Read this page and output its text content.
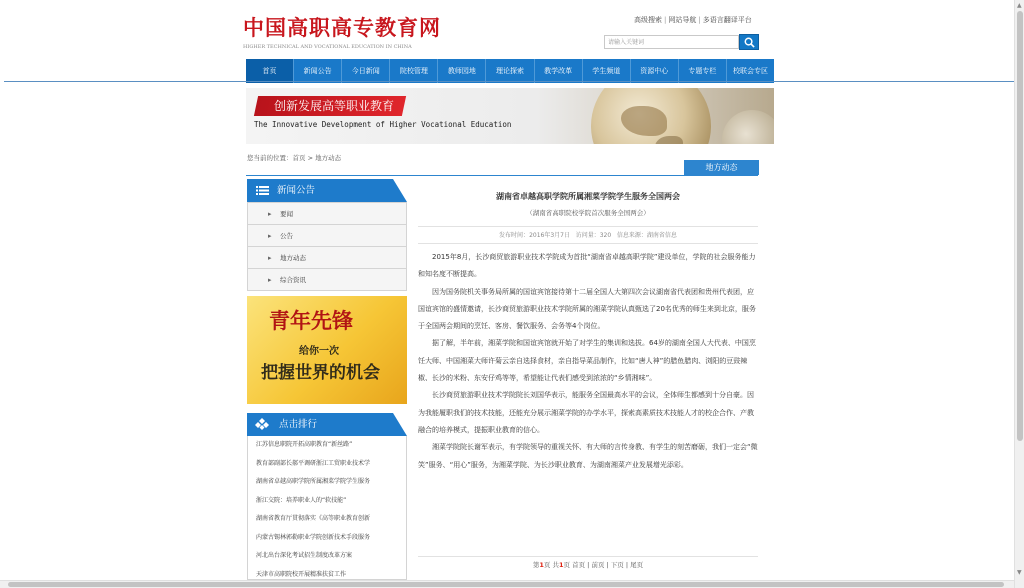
中国高职高专教育网
HIGHER TECHNICAL AND VOCATIONAL EDUCATION IN CHINA
高级搜索 | 网站导航 | 多语言翻译平台
请输入关键词
首页	新闻公告	今日新闻	院校管理	教师园地	理论探索	教学改革	学生频道	资源中心	专题专栏	校联会专区
创新发展高等职业教育
The Innovative Development of Higher Vocational Education
您当前的位置：首页 > 地方动态
地方动态
新闻公告
▸ 要闻
▸ 公告
▸ 地方动态
▸ 综合资讯
青年先锋
给你一次
把握世界的机会
点击排行
江苏信息职院开拓高职教育“新丝路”
教育部副部长郝平调研浙江工贸职业技术学
湖南省卓越高职学院所属湘菜学院学生服务
浙江交院：培养职业人的“软技能”
湖南省教育厅贯彻落实《高等职业教育创新
内蒙古锡林郭勒职业学院创新技术手段服务
河北出台深化考试招生制度改革方案
天津市高职院校开展精准扶贫工作
湖南省卓越高职学院所属湘菜学院学生服务全国两会
（湖南省高职院校学院首次服务全国两会）
发布时间：2016年3月7日 访问量：320 信息来源：湖南省信息

2015年8月，长沙商贸旅游职业技术学院成为首批“湖南省卓越高职学院”建设单位，学院的社会服务能力和知名度不断提高。

因为国务院机关事务局所属的国谊宾馆接待第十二届全国人大第四次会议湖南省代表团和贵州代表团，应国谊宾馆的盛情邀请，长沙商贸旅游职业技术学院所属的湘菜学院认真甄选了20名优秀的师生来到北京，服务于全国两会期间的烹饪、客房、餐饮服务、会务等4个岗位。

据了解，半年前，湘菜学院和国谊宾馆就开始了对学生的集训和选拔。64岁的湖南全国人大代表、中国烹饪大师、中国湘菜大师许菊云亲自选择食材，亲自指导菜品制作，比如“唐人神”的腊鱼腊肉、浏阳的豆豉辣椒、长沙的米粉、东安仔鸡等等，希望能让代表们感受到浓浓的“乡情湘味”。

长沙商贸旅游职业技术学院院长刘国华表示，能服务全国最高水平的会议，全体师生都感到十分自豪。因为我能履职我们的技术技能，还能充分展示湘菜学院的办学水平，探索高素质技术技能人才的校企合作、产教融合的培养模式，提振职业教育的信心。

湘菜学院院长谢军表示，有学院领导的重视关怀、有大师的言传身教、有学生的刻苦磨砺，我们一定会“微笑”服务、“用心”服务，为湘菜学院、为长沙职业教育、为湖南湘菜产业发展增光添彩。

第1页 共1页 首页 | 前页 | 下页 | 尾页
▲
▼
